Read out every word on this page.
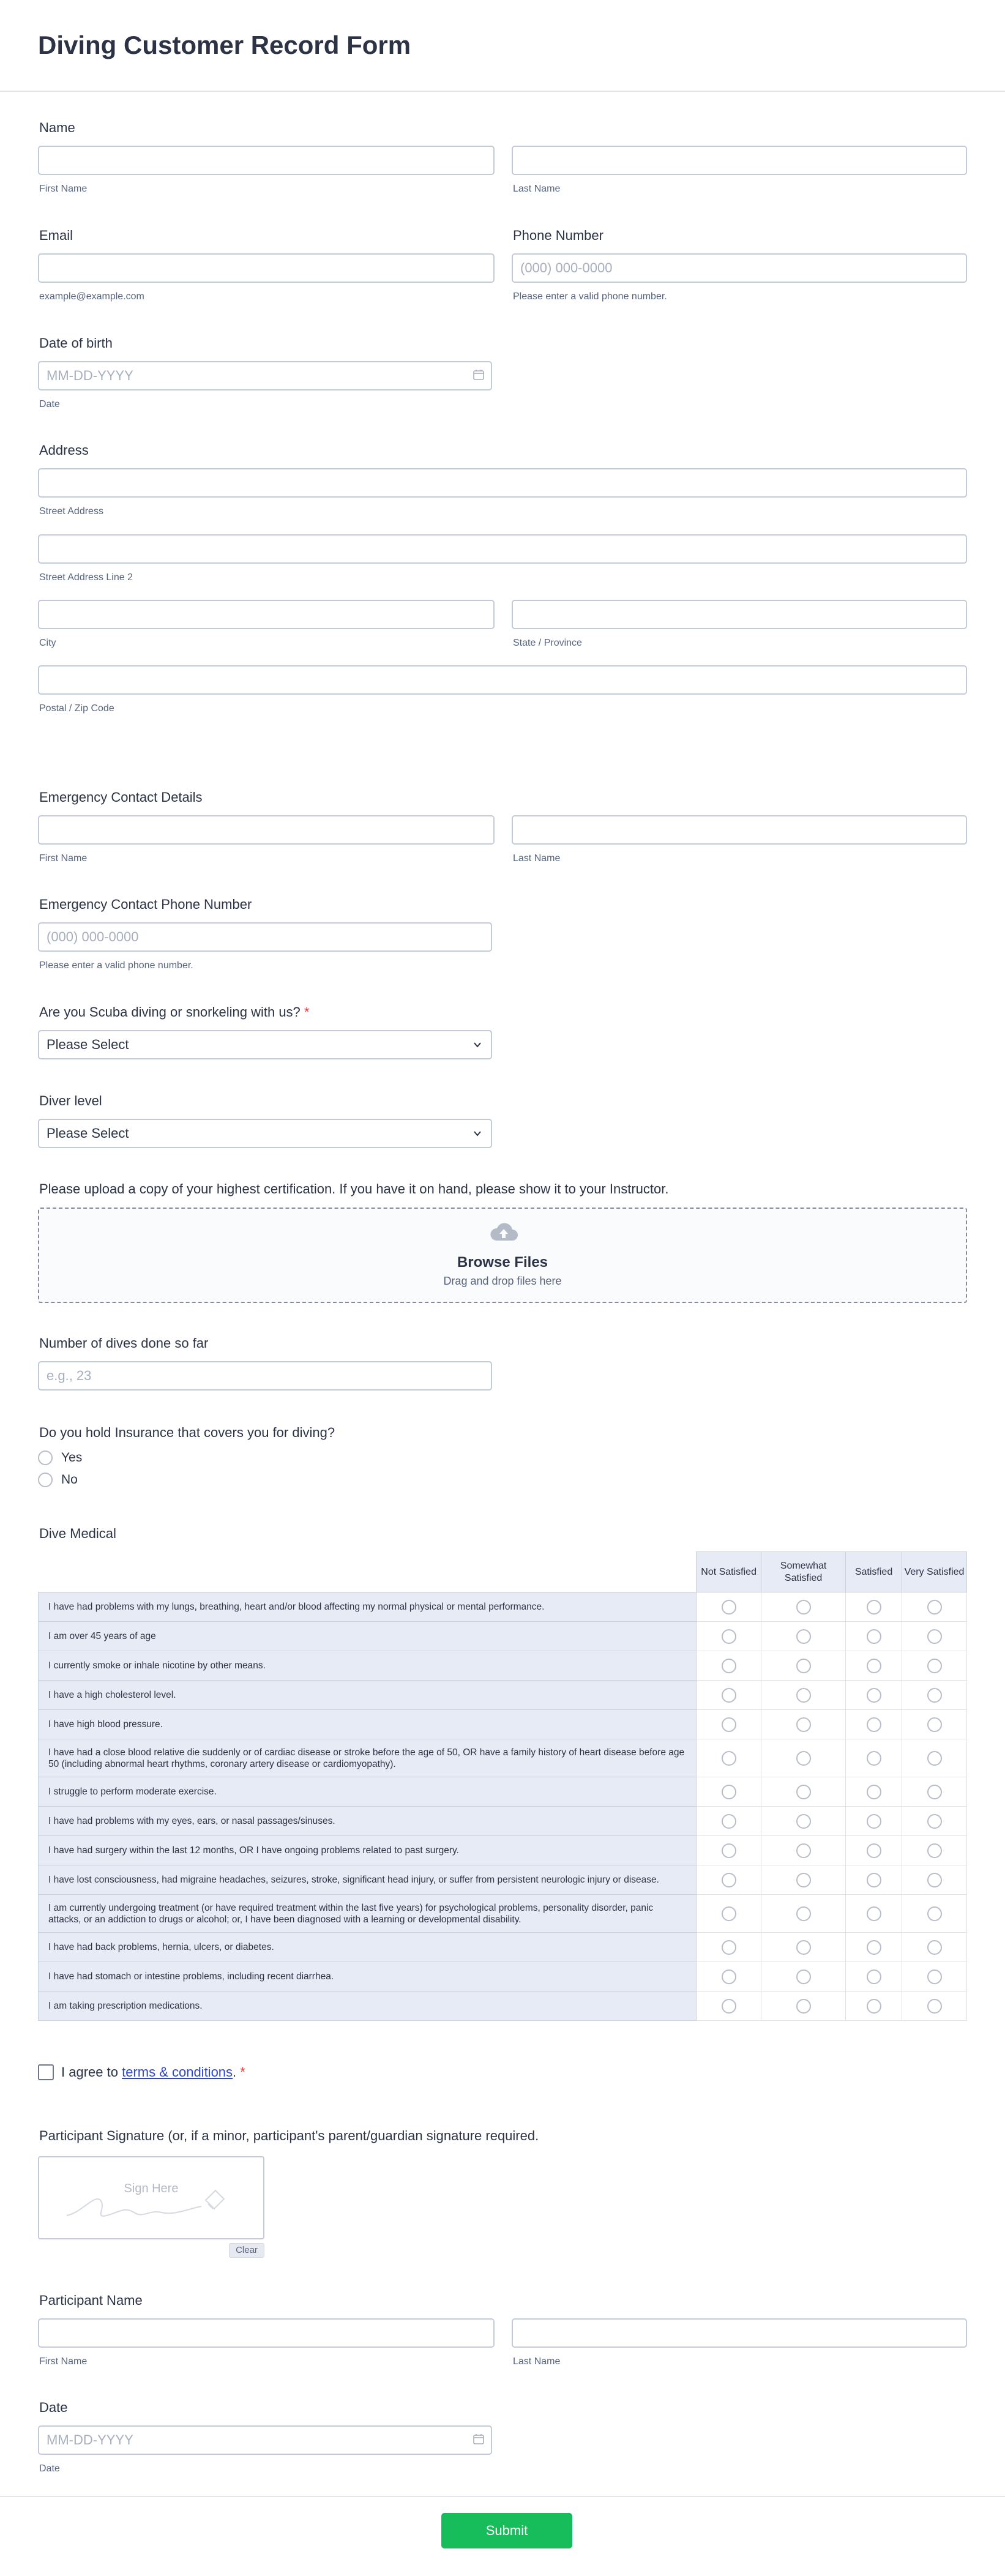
Diving Customer Record Form
Name
First Name	Last Name
Email
example@example.com
Phone Number
(000) 000-0000
Please enter a valid phone number.
Date of birth
MM-DD-YYYY
Date
Address
Street Address
Street Address Line 2
City	State / Province
Postal / Zip Code
Emergency Contact Details
First Name	Last Name
Emergency Contact Phone Number
(000) 000-0000
Please enter a valid phone number.
Are you Scuba diving or snorkeling with us? *
Please Select
Diver level
Please Select
Please upload a copy of your highest certification. If you have it on hand, please show it to your Instructor.
Browse Files
Drag and drop files here
Number of dives done so far
e.g., 23
Do you hold Insurance that covers you for diving?
Yes
No
Dive Medical
	Not Satisfied	Somewhat Satisfied	Satisfied	Very Satisfied
I have had problems with my lungs, breathing, heart and/or blood affecting my normal physical or mental performance.				
I am over 45 years of age				
I currently smoke or inhale nicotine by other means.				
I have a high cholesterol level.				
I have high blood pressure.				
I have had a close blood relative die suddenly or of cardiac disease or stroke before the age of 50, OR have a family history of heart disease before age 50 (including abnormal heart rhythms, coronary artery disease or cardiomyopathy).				
I struggle to perform moderate exercise.				
I have had problems with my eyes, ears, or nasal passages/sinuses.				
I have had surgery within the last 12 months, OR I have ongoing problems related to past surgery.				
I have lost consciousness, had migraine headaches, seizures, stroke, significant head injury, or suffer from persistent neurologic injury or disease.				
I am currently undergoing treatment (or have required treatment within the last five years) for psychological problems, personality disorder, panic attacks, or an addiction to drugs or alcohol; or, I have been diagnosed with a learning or developmental disability.				
I have had back problems, hernia, ulcers, or diabetes.				
I have had stomach or intestine problems, including recent diarrhea.				
I am taking prescription medications.				
I agree to terms & conditions. *
Participant Signature (or, if a minor, participant's parent/guardian signature required.
Sign Here
Clear
Participant Name
First Name	Last Name
Date
MM-DD-YYYY
Date
Submit
